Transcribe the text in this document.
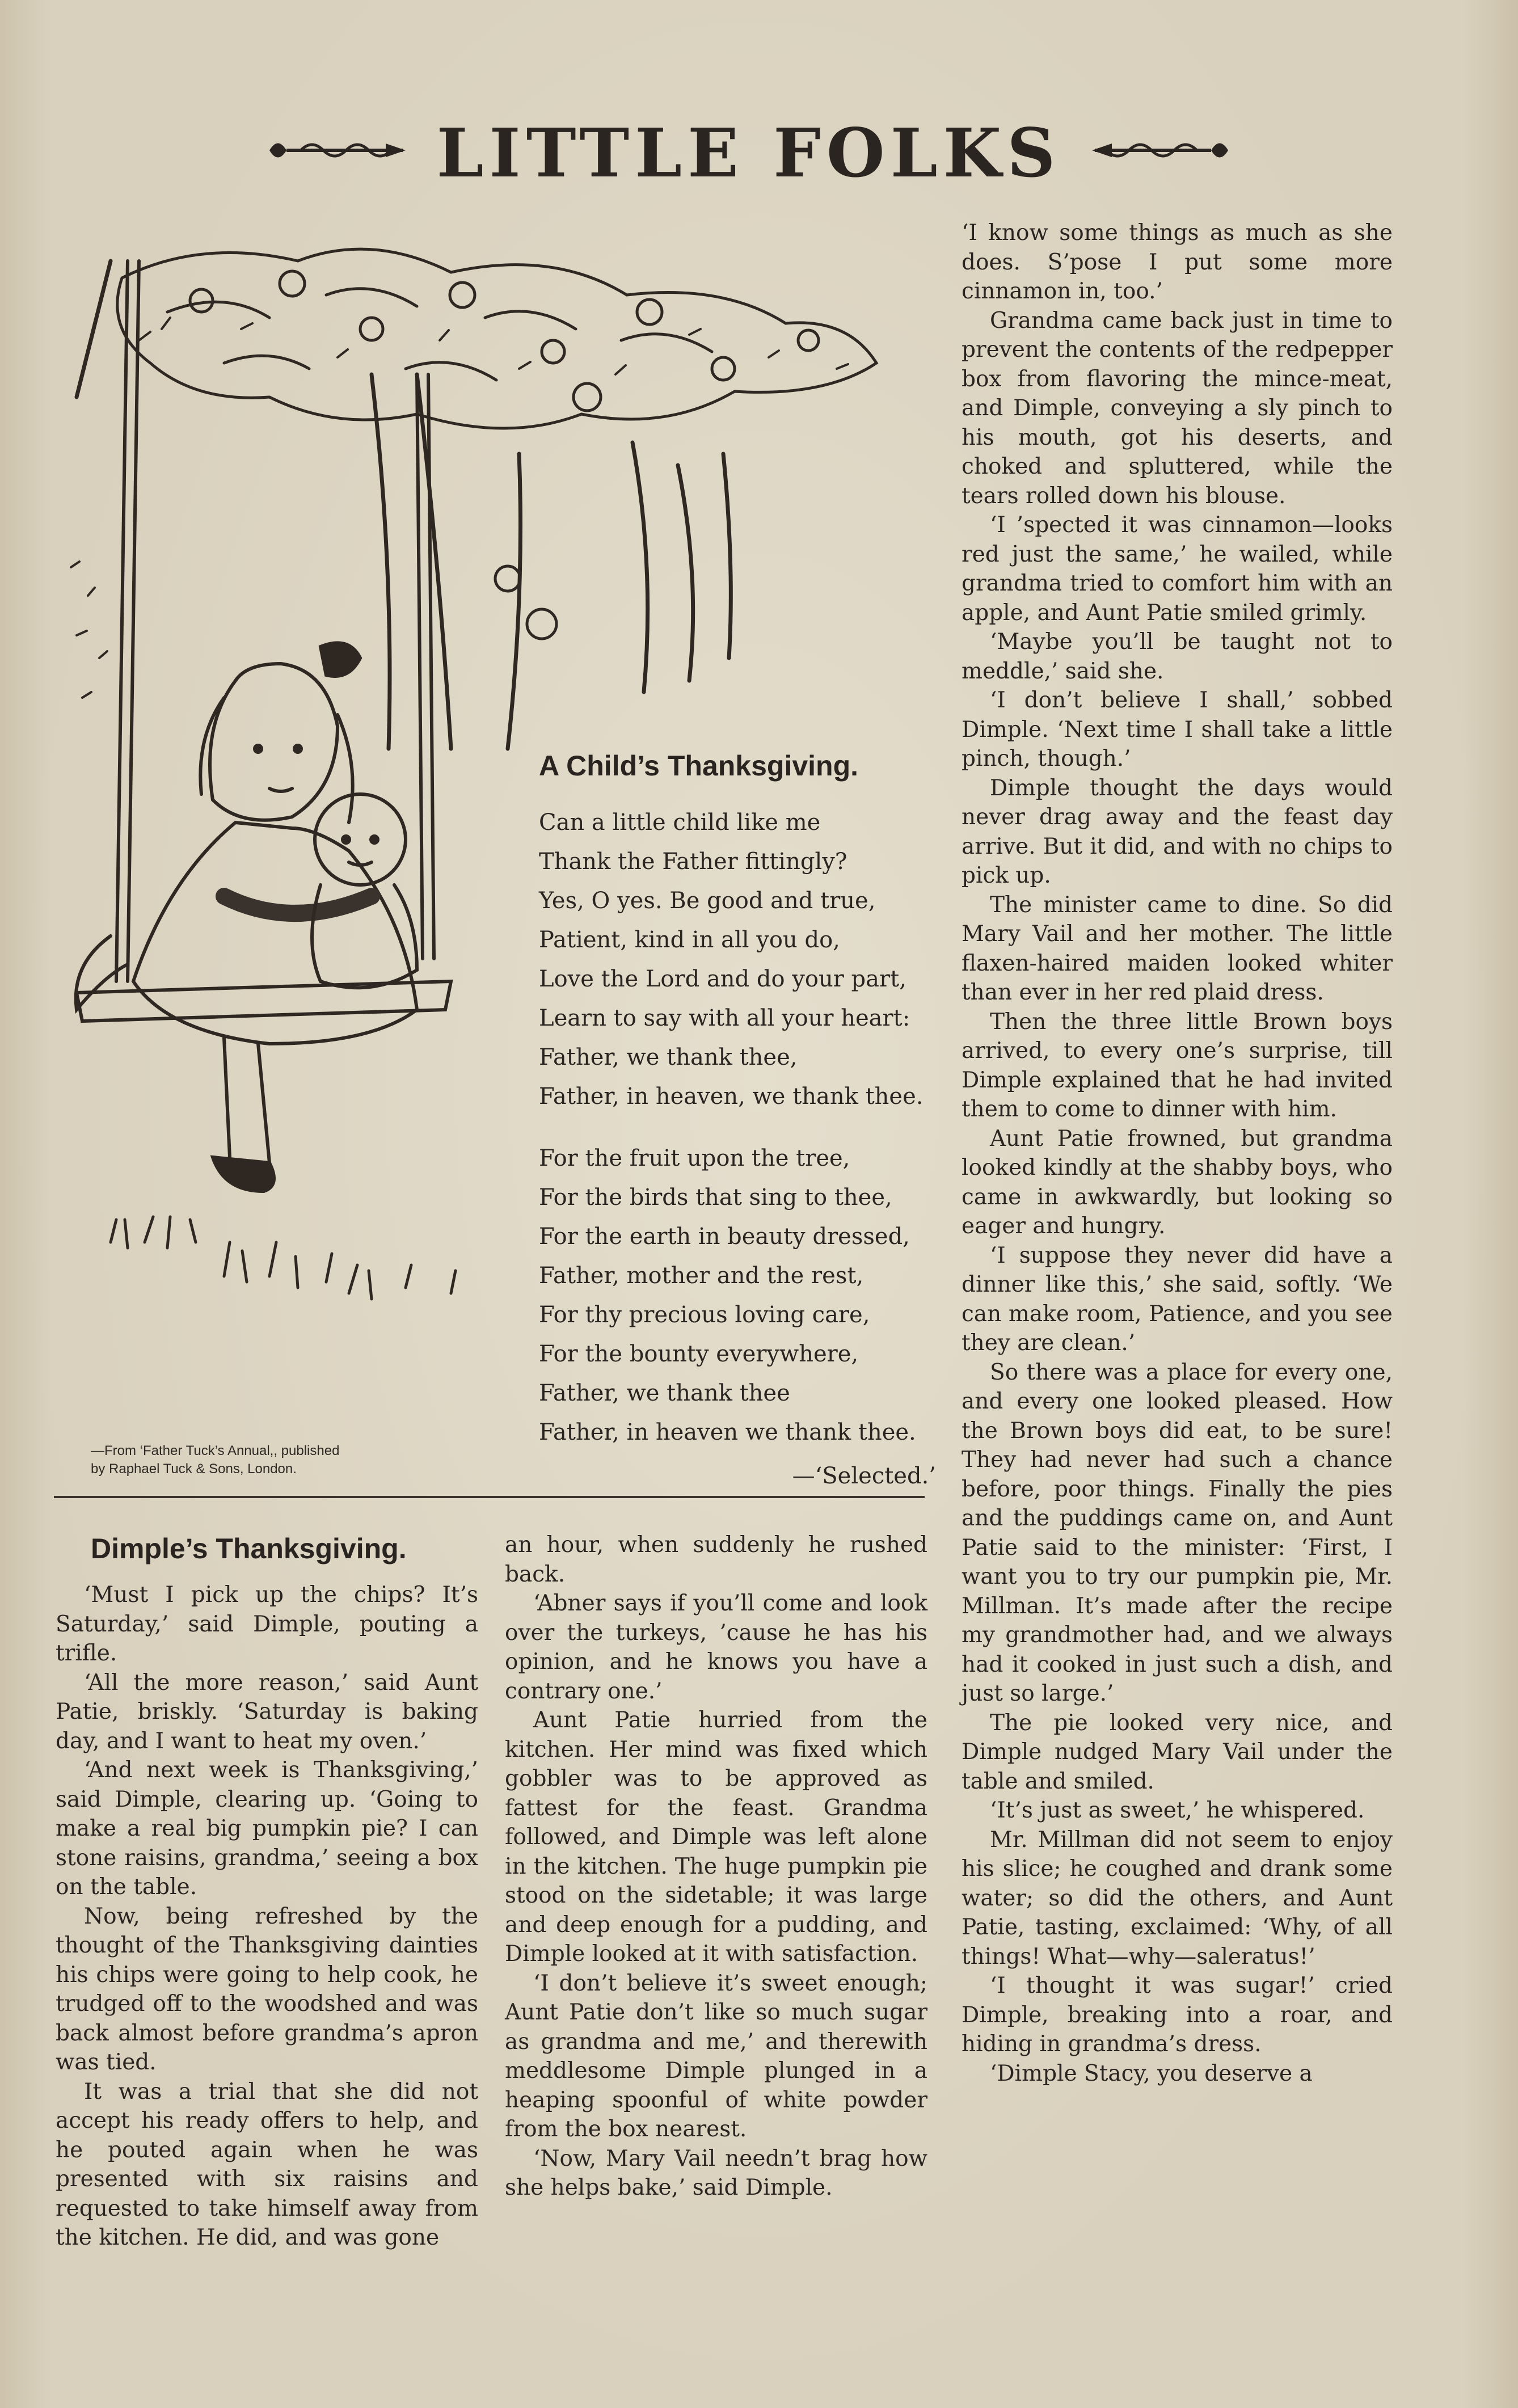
LITTLE FOLKS
—From ‘Father Tuck’s Annual,, published
by Raphael Tuck & Sons, London.
A Child’s Thanksgiving.
Can a little child like me
Thank the Father fittingly?
Yes, O yes. Be good and true,
Patient, kind in all you do,
Love the Lord and do your part,
Learn to say with all your heart:
Father, we thank thee,
Father, in heaven, we thank thee.
For the fruit upon the tree,
For the birds that sing to thee,
For the earth in beauty dressed,
Father, mother and the rest,
For thy precious loving care,
For the bounty everywhere,
Father, we thank thee
Father, in heaven we thank thee.
—‘Selected.’
Dimple’s Thanksgiving.

‘Must I pick up the chips? It’s Saturday,’ said Dimple, pouting a trifle.

‘All the more reason,’ said Aunt Patie, briskly. ‘Saturday is baking day, and I want to heat my oven.’

‘And next week is Thanksgiving,’ said Dimple, clearing up. ‘Going to make a real big pumpkin pie? I can stone raisins, grandma,’ seeing a box on the table.

Now, being refreshed by the thought of the Thanksgiving dainties his chips were going to help cook, he trudged off to the woodshed and was back almost before grandma’s apron was tied.

It was a trial that she did not accept his ready offers to help, and he pouted again when he was presented with six raisins and requested to take himself away from the kitchen. He did, and was gone

an hour, when suddenly he rushed back.

‘Abner says if you’ll come and look over the turkeys, ’cause he has his opinion, and he knows you have a contrary one.’

Aunt Patie hurried from the kitchen. Her mind was fixed which gobbler was to be approved as fattest for the feast. Grandma followed, and Dimple was left alone in the kitchen. The huge pumpkin pie stood on the sidetable; it was large and deep enough for a pudding, and Dimple looked at it with satisfaction.

‘I don’t believe it’s sweet enough; Aunt Patie don’t like so much sugar as grandma and me,’ and therewith meddlesome Dimple plunged in a heaping spoonful of white powder from the box nearest.

‘Now, Mary Vail needn’t brag how she helps bake,’ said Dimple.

‘I know some things as much as she does. S’pose I put some more cinnamon in, too.’

Grandma came back just in time to prevent the contents of the redpepper box from flavoring the mince-meat, and Dimple, conveying a sly pinch to his mouth, got his deserts, and choked and spluttered, while the tears rolled down his blouse.

‘I ’spected it was cinnamon—looks red just the same,’ he wailed, while grandma tried to comfort him with an apple, and Aunt Patie smiled grimly.

‘Maybe you’ll be taught not to meddle,’ said she.

‘I don’t believe I shall,’ sobbed Dimple. ‘Next time I shall take a little pinch, though.’

Dimple thought the days would never drag away and the feast day arrive. But it did, and with no chips to pick up.

The minister came to dine. So did Mary Vail and her mother. The little flaxen-haired maiden looked whiter than ever in her red plaid dress.

Then the three little Brown boys arrived, to every one’s surprise, till Dimple explained that he had invited them to come to dinner with him.

Aunt Patie frowned, but grandma looked kindly at the shabby boys, who came in awkwardly, but looking so eager and hungry.

‘I suppose they never did have a dinner like this,’ she said, softly. ‘We can make room, Patience, and you see they are clean.’

So there was a place for every one, and every one looked pleased. How the Brown boys did eat, to be sure! They had never had such a chance before, poor things. Finally the pies and the puddings came on, and Aunt Patie said to the minister: ‘First, I want you to try our pumpkin pie, Mr. Millman. It’s made after the recipe my grandmother had, and we always had it cooked in just such a dish, and just so large.’

The pie looked very nice, and Dimple nudged Mary Vail under the table and smiled.

‘It’s just as sweet,’ he whispered.

Mr. Millman did not seem to enjoy his slice; he coughed and drank some water; so did the others, and Aunt Patie, tasting, exclaimed: ‘Why, of all things! What—why—saleratus!’

‘I thought it was sugar!’ cried Dimple, breaking into a roar, and hiding in grandma’s dress.

‘Dimple Stacy, you deserve a
